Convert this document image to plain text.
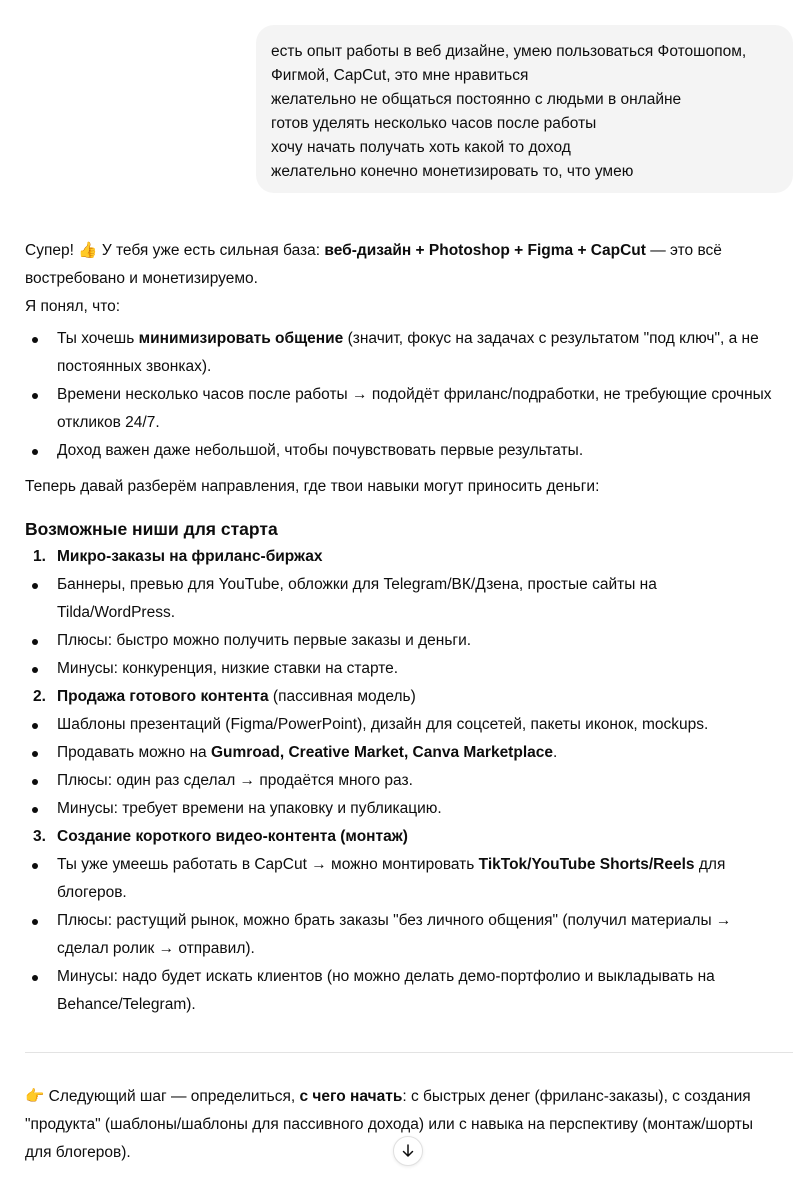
есть опыт работы в веб дизайне, умею пользоваться Фотошопом,
Фигмой, CapCut, это мне нравиться
желательно не общаться постоянно с людьми в онлайне
готов уделять несколько часов после работы
хочу начать получать хоть какой то доход
желательно конечно монетизировать то, что умею
Супер! 👍 У тебя уже есть сильная база: веб-дизайн + Photoshop + Figma + CapCut — это всё
востребовано и монетизируемо.
Я понял, что:
Ты хочешь минимизировать общение (значит, фокус на задачах с результатом "под ключ", а не
постоянных звонках).
Времени несколько часов после работы → подойдёт фриланс/подработки, не требующие срочных
откликов 24/7.
Доход важен даже небольшой, чтобы почувствовать первые результаты.
Теперь давай разберём направления, где твои навыки могут приносить деньги:
Возможные ниши для старта
1. Микро-заказы на фриланс-биржах
Баннеры, превью для YouTube, обложки для Telegram/ВК/Дзена, простые сайты на
Tilda/WordPress.
Плюсы: быстро можно получить первые заказы и деньги.
Минусы: конкуренция, низкие ставки на старте.
2. Продажа готового контента (пассивная модель)
Шаблоны презентаций (Figma/PowerPoint), дизайн для соцсетей, пакеты иконок, mockups.
Продавать можно на Gumroad, Creative Market, Canva Marketplace.
Плюсы: один раз сделал → продаётся много раз.
Минусы: требует времени на упаковку и публикацию.
3. Создание короткого видео-контента (монтаж)
Ты уже умеешь работать в CapCut → можно монтировать TikTok/YouTube Shorts/Reels для
блогеров.
Плюсы: растущий рынок, можно брать заказы "без личного общения" (получил материалы →
сделал ролик → отправил).
Минусы: надо будет искать клиентов (но можно делать демо-портфолио и выкладывать на
Behance/Telegram).
👉 Следующий шаг — определиться, с чего начать: с быстрых денег (фриланс-заказы), с создания
"продукта" (шаблоны/шаблоны для пассивного дохода) или с навыка на перспективу (монтаж/шорты
для блогеров).
